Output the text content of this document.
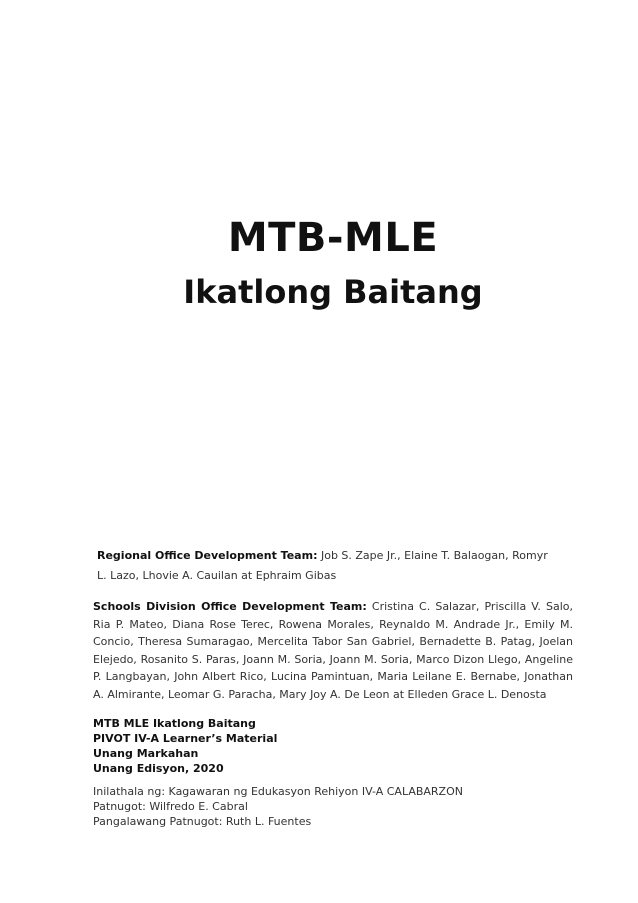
MTB-MLE
Ikatlong Baitang
Regional Office Development Team: Job S. Zape Jr., Elaine T. Balaogan, Romyr L. Lazo, Lhovie A. Cauilan at Ephraim Gibas
Schools Division Office Development Team: Cristina C. Salazar, Priscilla V. Salo, Ria P. Mateo, Diana Rose Terec, Rowena Morales, Reynaldo M. Andrade Jr., Emily M. Concio, Theresa Sumaragao, Mercelita Tabor San Gabriel, Bernadette B. Patag, Joelan Elejedo, Rosanito S. Paras, Joann M. Soria, Joann M. Soria, Marco Dizon Llego, Angeline P. Langbayan, John Albert Rico, Lucina Pamintuan, Maria Leilane E. Bernabe, Jonathan A. Almirante, Leomar G. Paracha, Mary Joy A. De Leon at Elleden Grace L. Denosta
MTB MLE Ikatlong Baitang
PIVOT IV-A Learner’s Material
Unang Markahan
Unang Edisyon, 2020
Inilathala ng: Kagawaran ng Edukasyon Rehiyon IV-A CALABARZON
Patnugot: Wilfredo E. Cabral
Pangalawang Patnugot: Ruth L. Fuentes
